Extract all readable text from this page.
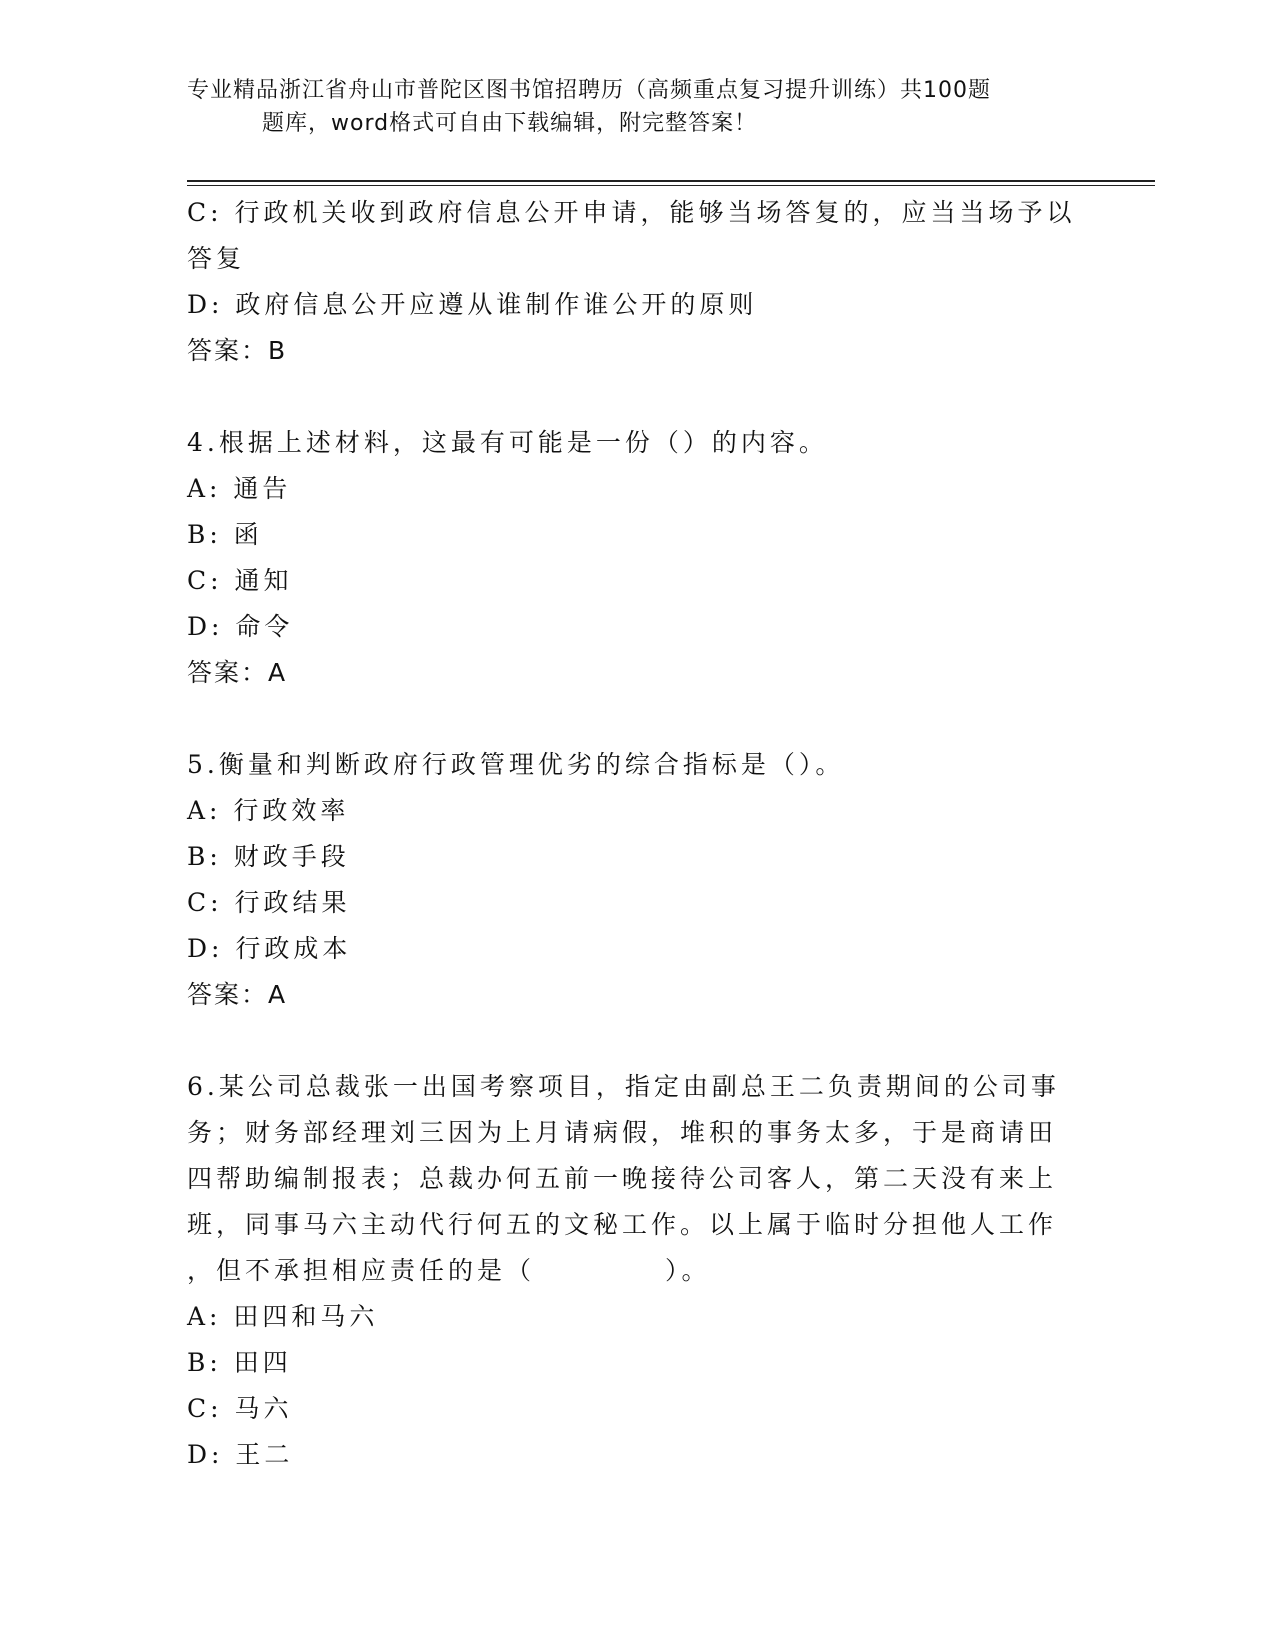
专业精品浙江省舟山市普陀区图书馆招聘历（高频重点复习提升训练）共100题
题库，word格式可自由下载编辑，附完整答案！
C: 行政机关收到政府信息公开申请，能够当场答复的，应当当场予以
答复
D: 政府信息公开应遵从谁制作谁公开的原则
答案：B
4.根据上述材料，这最有可能是一份（）的内容。
A: 通告
B: 函
C: 通知
D: 命令
答案：A
5.衡量和判断政府行政管理优劣的综合指标是（）。
A: 行政效率
B: 财政手段
C: 行政结果
D: 行政成本
答案：A
6.某公司总裁张一出国考察项目，指定由副总王二负责期间的公司事
务；财务部经理刘三因为上月请病假，堆积的事务太多，于是商请田
四帮助编制报表；总裁办何五前一晚接待公司客人，第二天没有来上
班，同事马六主动代行何五的文秘工作。以上属于临时分担他人工作
，但不承担相应责任的是（	）。
A: 田四和马六
B: 田四
C: 马六
D: 王二
